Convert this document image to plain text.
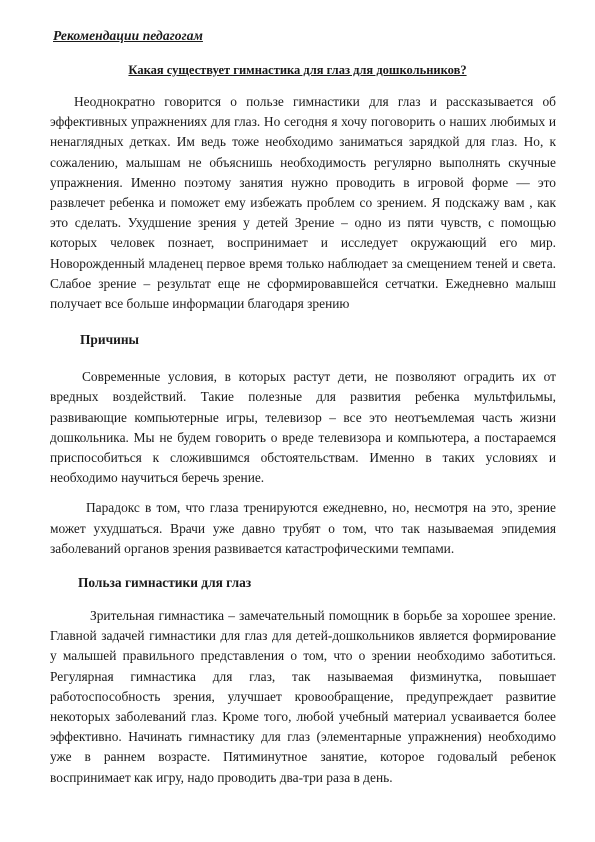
Рекомендации педагогам
Какая существует гимнастика для глаз для дошкольников?

Неоднократно говорится о пользе гимнастики для глаз и рассказывается об эффективных упражнениях для глаз. Но сегодня я хочу поговорить о наших любимых и ненаглядных детках. Им ведь тоже необходимо заниматься зарядкой для глаз. Но, к сожалению, малышам не объяснишь необходимость регулярно выполнять скучные упражнения. Именно поэтому занятия нужно проводить в игровой форме — это развлечет ребенка и поможет ему избежать проблем со зрением. Я подскажу вам , как это сделать. Ухудшение зрения у детей Зрение – одно из пяти чувств, с помощью которых человек познает, воспринимает и исследует окружающий его мир. Новорожденный младенец первое время только наблюдает за смещением теней и света. Слабое зрение – результат еще не сформировавшейся сетчатки. Ежедневно малыш получает все больше информации благодаря зрению

Причины

Современные условия, в которых растут дети, не позволяют оградить их от вредных воздействий. Такие полезные для развития ребенка мультфильмы, развивающие компьютерные игры, телевизор – все это неотъемлемая часть жизни дошкольника. Мы не будем говорить о вреде телевизора и компьютера, а постараемся приспособиться к сложившимся обстоятельствам. Именно в таких условиях и необходимо научиться беречь зрение.

Парадокс в том, что глаза тренируются ежедневно, но, несмотря на это, зрение может ухудшаться. Врачи уже давно трубят о том, что так называемая эпидемия заболеваний органов зрения развивается катастрофическими темпами.

Польза гимнастики для глаз

Зрительная гимнастика – замечательный помощник в борьбе за хорошее зрение. Главной задачей гимнастики для глаз для детей-дошкольников является формирование у малышей правильного представления о том, что о зрении необходимо заботиться. Регулярная гимнастика для глаз, так называемая физминутка, повышает работоспособность зрения, улучшает кровообращение, предупреждает развитие некоторых заболеваний глаз. Кроме того, любой учебный материал усваивается более эффективно. Начинать гимнастику для глаз (элементарные упражнения) необходимо уже в раннем возрасте. Пятиминутное занятие, которое годовалый ребенок воспринимает как игру, надо проводить два-три раза в день.
